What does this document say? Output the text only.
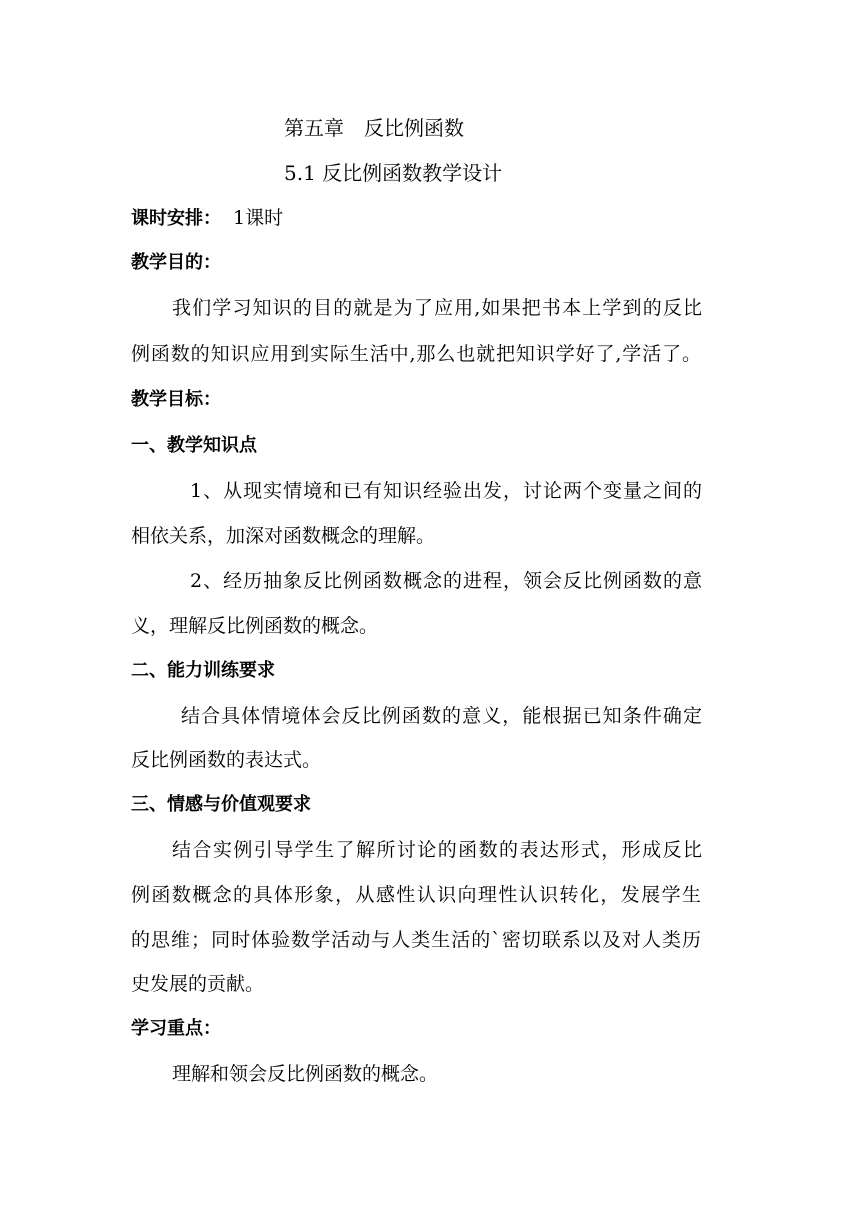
第五章　反比例函数
5.1 反比例函数教学设计
课时安排： 1课时
教学目的：
我们学习知识的目的就是为了应用,如果把书本上学到的反比
例函数的知识应用到实际生活中,那么也就把知识学好了,学活了。
教学目标：
一、教学知识点
1、从现实情境和已有知识经验出发，讨论两个变量之间的
相依关系，加深对函数概念的理解。
2、经历抽象反比例函数概念的进程，领会反比例函数的意
义，理解反比例函数的概念。
二、能力训练要求
结合具体情境体会反比例函数的意义，能根据已知条件确定
反比例函数的表达式。
三、情感与价值观要求
结合实例引导学生了解所讨论的函数的表达形式，形成反比
例函数概念的具体形象，从感性认识向理性认识转化，发展学生
的思维；同时体验数学活动与人类生活的`密切联系以及对人类历
史发展的贡献。
学习重点：
理解和领会反比例函数的概念。
